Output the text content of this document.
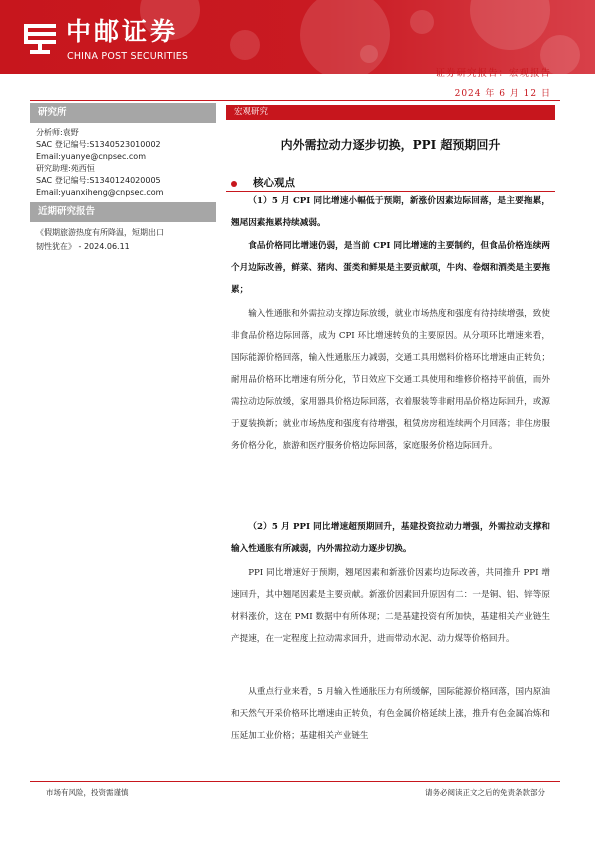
中邮证券
CHINA POST SECURITIES
证券研究报告：宏观报告
2024 年 6 月 12 日
研究所
分析师:袁野
SAC 登记编号:S1340523010002
Email:yuanye@cnpsec.com
研究助理:苑西恒
SAC 登记编号:S1340124020005
Email:yuanxiheng@cnpsec.com
近期研究报告
《假期旅游热度有所降温，短期出口
韧性犹在》 - 2024.06.11
宏观研究
内外需拉动力逐步切换，PPI 超预期回升
核心观点
（1）5 月 CPI 同比增速小幅低于预期，新涨价因素边际回落，是主要拖累，翘尾因素拖累持续减弱。
食品价格同比增速仍弱，是当前 CPI 同比增速的主要制约，但食品价格连续两个月边际改善，鲜菜、猪肉、蛋类和鲜果是主要贡献项，牛肉、卷烟和酒类是主要拖累；
输入性通胀和外需拉动支撑边际放缓，就业市场热度和强度有待持续增强，致使非食品价格边际回落，成为 CPI 环比增速转负的主要原因。从分项环比增速来看，国际能源价格回落，输入性通胀压力减弱，交通工具用燃料价格环比增速由正转负；耐用品价格环比增速有所分化，节日效应下交通工具使用和维修价格持平前值，而外需拉动边际放缓，家用器具价格边际回落，衣着服装等非耐用品价格边际回升，或源于夏装换新；就业市场热度和强度有待增强，租赁房房租连续两个月回落；非住房服务价格分化，旅游和医疗服务价格边际回落，家庭服务价格边际回升。
（2）5 月 PPI 同比增速超预期回升，基建投资拉动力增强，外需拉动支撑和输入性通胀有所减弱，内外需拉动力逐步切换。
PPI 同比增速好于预期，翘尾因素和新涨价因素均边际改善，共同推升 PPI 增速回升，其中翘尾因素是主要贡献。新涨价因素回升原因有二：一是铜、铝、锌等原材料涨价，这在 PMI 数据中有所体现；二是基建投资有所加快，基建相关产业链生产提速，在一定程度上拉动需求回升，进而带动水泥、动力煤等价格回升。
从重点行业来看，5 月输入性通胀压力有所缓解，国际能源价格回落，国内原油和天然气开采价格环比增速由正转负，有色金属价格延续上涨，推升有色金属冶炼和压延加工业价格；基建相关产业链生
市场有风险，投资需谨慎	请务必阅读正文之后的免责条款部分
